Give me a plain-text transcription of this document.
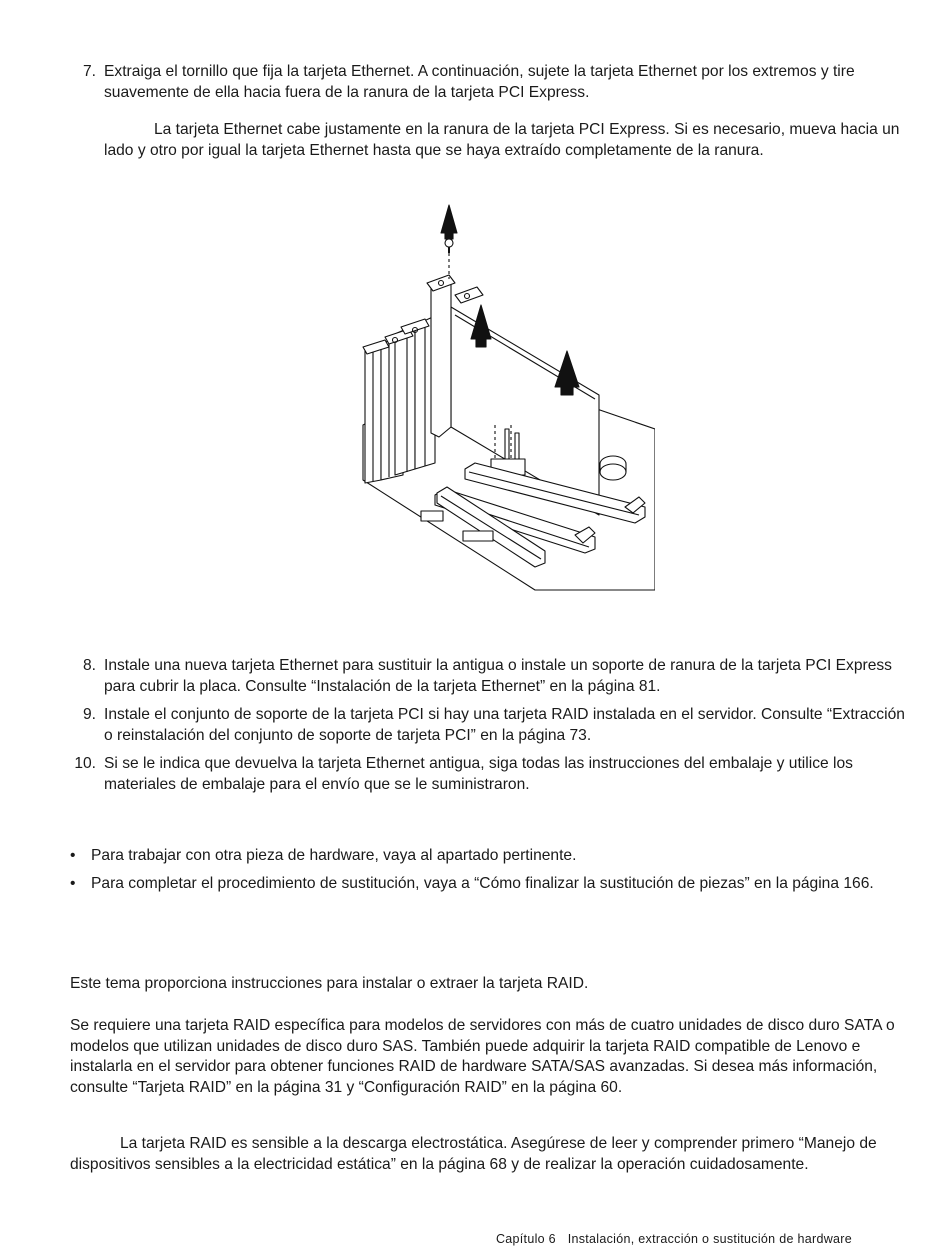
7. Extraiga el tornillo que fija la tarjeta Ethernet. A continuación, sujete la tarjeta Ethernet por los extremos y tire suavemente de ella hacia fuera de la ranura de la tarjeta PCI Express.
La tarjeta Ethernet cabe justamente en la ranura de la tarjeta PCI Express. Si es necesario, mueva hacia un lado y otro por igual la tarjeta Ethernet hasta que se haya extraído completamente de la ranura.
8. Instale una nueva tarjeta Ethernet para sustituir la antigua o instale un soporte de ranura de la tarjeta PCI Express para cubrir la placa. Consulte “Instalación de la tarjeta Ethernet” en la página 81.
9. Instale el conjunto de soporte de la tarjeta PCI si hay una tarjeta RAID instalada en el servidor. Consulte “Extracción o reinstalación del conjunto de soporte de tarjeta PCI” en la página 73.
10. Si se le indica que devuelva la tarjeta Ethernet antigua, siga todas las instrucciones del embalaje y utilice los materiales de embalaje para el envío que se le suministraron.
• Para trabajar con otra pieza de hardware, vaya al apartado pertinente.
• Para completar el procedimiento de sustitución, vaya a “Cómo finalizar la sustitución de piezas” en la página 166.

Este tema proporciona instrucciones para instalar o extraer la tarjeta RAID.

Se requiere una tarjeta RAID específica para modelos de servidores con más de cuatro unidades de disco duro SATA o modelos que utilizan unidades de disco duro SAS. También puede adquirir la tarjeta RAID compatible de Lenovo e instalarla en el servidor para obtener funciones RAID de hardware SATA/SAS avanzadas. Si desea más información, consulte “Tarjeta RAID” en la página 31 y “Configuración RAID” en la página 60.

La tarjeta RAID es sensible a la descarga electrostática. Asegúrese de leer y comprender primero “Manejo de dispositivos sensibles a la electricidad estática” en la página 68 y de realizar la operación cuidadosamente.

Capítulo 6 Instalación, extracción o sustitución de hardware
